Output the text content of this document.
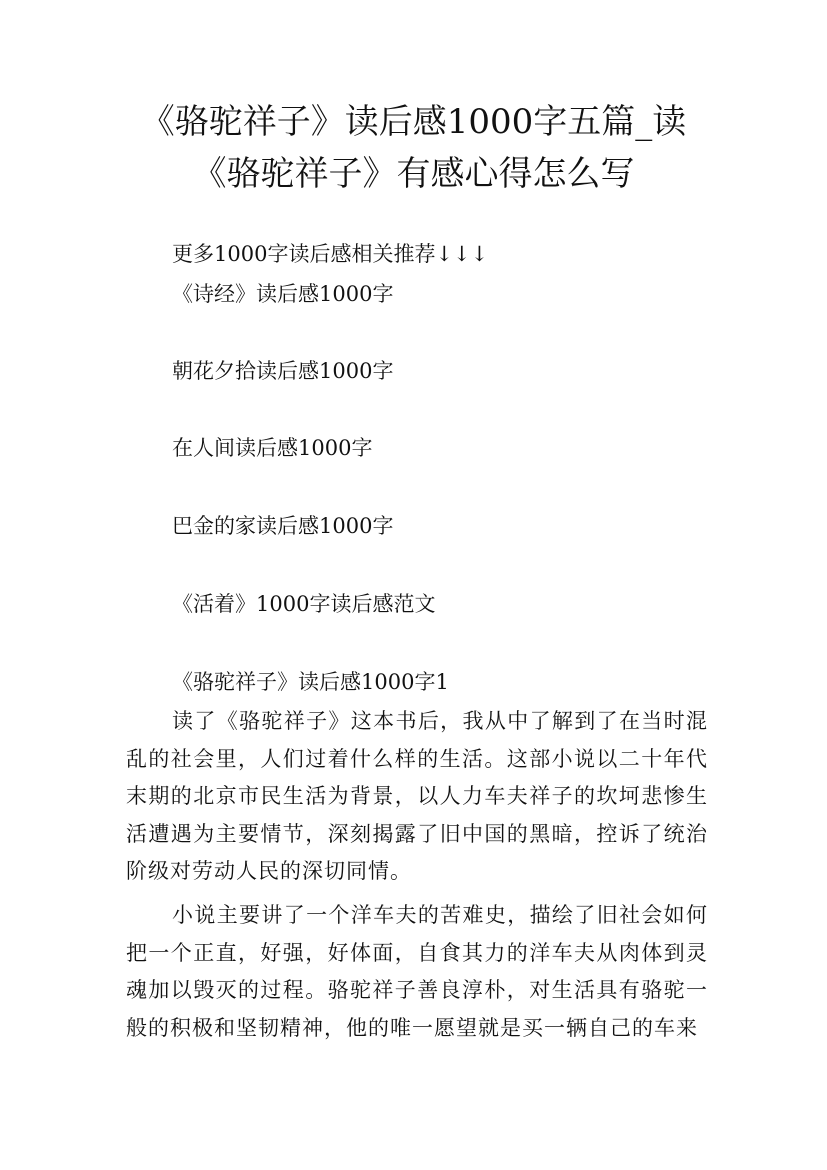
《骆驼祥子》读后感1000字五篇_读《骆驼祥子》有感心得怎么写

更多1000字读后感相关推荐↓↓↓

《诗经》读后感1000字

朝花夕拾读后感1000字

在人间读后感1000字

巴金的家读后感1000字

《活着》1000字读后感范文

《骆驼祥子》读后感1000字1

读了《骆驼祥子》这本书后，我从中了解到了在当时混乱的社会里，人们过着什么样的生活。这部小说以二十年代末期的北京市民生活为背景，以人力车夫祥子的坎坷悲惨生活遭遇为主要情节，深刻揭露了旧中国的黑暗，控诉了统治阶级对劳动人民的深切同情。

小说主要讲了一个洋车夫的苦难史，描绘了旧社会如何把一个正直，好强，好体面，自食其力的洋车夫从肉体到灵魂加以毁灭的过程。骆驼祥子善良淳朴，对生活具有骆驼一般的积极和坚韧精神，他的唯一愿望就是买一辆自己的车来
